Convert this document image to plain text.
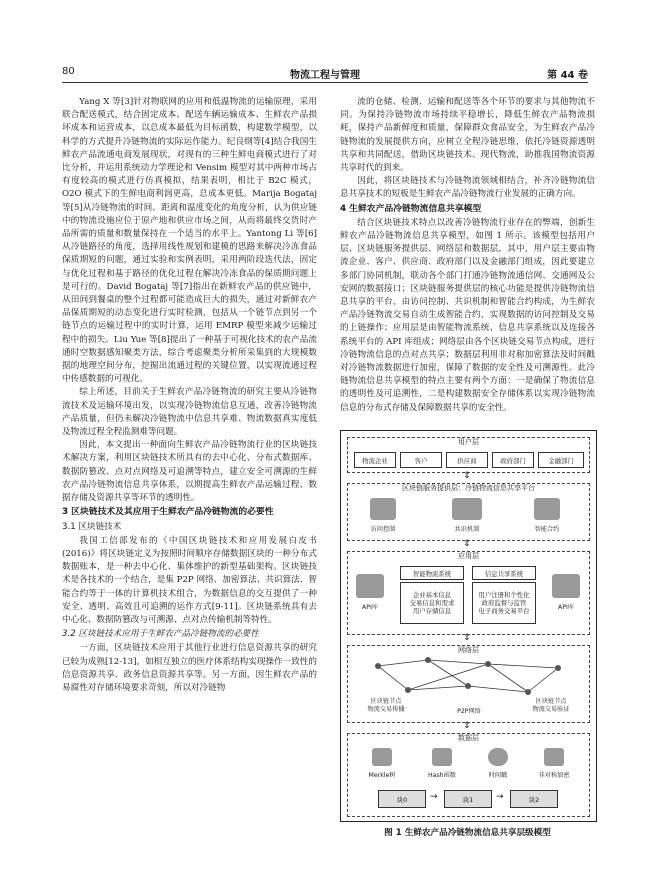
80	物流工程与管理	第 44 卷

Yang X 等[3]针对物联网的应用和低温物流的运输原理，采用联合配送模式，结合固定成本、配送车辆运输成本、生鲜农产品损坏成本和运营成本，以总成本最低为目标函数，构建数学模型，以科学的方式提升冷链物流的实际运作能力。纪良纲等[4]结合我国生鲜农产品流通电商发展现状，对现有的三种生鲜电商模式进行了对比分析，并运用系统动力学理论和 Vensim 模型对其中两种市场占有度较高的模式进行仿真模拟，结果表明，相比于 B2C 模式，O2O 模式下的生鲜电商利润更高，总成本更低。Marija Bogataj 等[5]从冷链物流的时间、距离和温度变化的角度分析，认为供应链中的物流设施应位于原产地和供应市场之间，从而将最终交货时产品所需的质量和数量保持在一个适当的水平上。Yantong Li 等[6]从冷链路径的角度，选择用线性规划和建模的思路来解决冷冻食品保质期短的问题，通过实验和实例表明，采用两阶段迭代法，固定与优化过程和基于路径的优化过程在解决冷冻食品的保质期问题上是可行的。David Bogataj 等[7]指出在新鲜农产品的供应链中，从田间到餐桌的整个过程都可能造成巨大的损失，通过对新鲜农产品保质期短的动态变化进行实时检测，包括从一个链节点到另一个链节点的运输过程中的实时计算，运用 EMRP 模型来减少运输过程中的损失。Liu Yue 等[8]提出了一种基于可视化技术的农产品流通时空数据感知聚类方法，综合考虑聚类分析所采集到的大规模数据的地理空间分布，挖掘出流通过程的关键位置，以实现流通过程中传感数据的可视化。

综上所述，目前关于生鲜农产品冷链物流的研究主要从冷链物流技术及运输环境出发，以实现冷链物流信息互通，改善冷链物流产品质量，但仍未解决冷链物流中信息共享难、物流数据真实度低及物流过程全程监测难等问题。

因此，本文提出一种面向生鲜农产品冷链物流行业的区块链技术解决方案，利用区块链技术所具有的去中心化、分布式数据库、数据防篡改、点对点网络及可追溯等特点，建立安全可溯源的生鲜农产品冷链物流信息共享体系，以期提高生鲜农产品运输过程、数据存储及资源共享等环节的透明性。

3 区块链技术及其应用于生鲜农产品冷链物流的必要性

3.1 区块链技术

我国工信部发布的《中国区块链技术和应用发展白皮书(2016)》将区块链定义为按照时间顺序存储数据区块的一种分布式数据账本，是一种去中心化、集体维护的新型基础架构。区块链技术是各技术的一个结合，是集 P2P 网络、加密算法、共识算法、智能合约等于一体的计算机技术组合，为数据信息的交互提供了一种安全、透明、高效且可追溯的运作方式[9-11]。区块链系统具有去中心化、数据防篡改与可溯源、点对点传输机制等特性。

3.2 区块链技术应用于生鲜农产品冷链物流的必要性

一方面，区块链技术应用于其他行业进行信息资源共享的研究已较为成熟[12-13]，如相互独立的医疗体系结构实现操作一致性的信息资源共享、政务信息资源共享等。另一方面，因生鲜农产品的易腐性对存储环境要求苛刻，所以对冷链物

流的仓储、检测、运输和配送等各个环节的要求与其他物流不同。为保持冷链物流市场持续平稳增长，降低生鲜农产品物流损耗，保持产品新鲜度和质量，保障群众食品安全，为生鲜农产品冷链物流的发展提供方向，应树立全程冷链思维，依托冷链资源透明共享和共同配送，借助区块链技术、现代物流，助推我国物流资源共享时代的到来。

因此，将区块链技术与冷链物流领域相结合，补齐冷链物流信息共享技术的短板是生鲜农产品冷链物流行业发展的正确方向。

4 生鲜农产品冷链物流信息共享模型

结合区块链技术特点以改善冷链物流行业存在的弊端，创新生鲜农产品冷链物流信息共享模型，如图 1 所示。该模型包括用户层、区块链服务提供层、网络层和数据层，其中，用户层主要由物流企业、客户、供应商、政府部门以及金融部门组成，因此要建立多部门协同机制，联动各个部门打通冷链物流通信网、交通网及公安网的数据接口；区块链服务提供层的核心功能是提供冷链物流信息共享的平台，由访问控制、共识机制和智能合约构成，为生鲜农产品冷链物流交易自动生成智能合约，实现数据的访问控制及交易的上链操作；应用层是由智能物流系统、信息共享系统以及连接各系统平台的 API 库组成；网络层由各个区块链交易节点构成，进行冷链物流信息的点对点共享；数据层利用非对称加密算法及时间戳对冷链物流数据进行加密，保障了数据的安全性及可溯源性。此冷链物流信息共享模型的特点主要有两个方面：一是确保了物流信息的透明性及可追溯性，二是构建数据安全存储体系以实现冷链物流信息的分布式存储及保障数据共享的安全性。

用户层
物流企业	客户	供应商	政府部门	金融部门
⇕
区块链服务提供层：冷链物流信息共享平台
访问控制	共识机制	智能合约
⇕
应用层
API库
智能物流系统
企业基本信息
交易信息和需求
用户存储信息
信息共享系统
用户注册和个性化
政府监督与监管
电子商务交易平台	API库
⇕
网络层
区块链节点
物流交易传播	P2P网络
区块链节点
物流交易验证
⇕
数据层
Merkle树	Hash函数	时间戳	非对称加密
块0	→	块1	→	块2
图 1 生鲜农产品冷链物流信息共享层级模型
